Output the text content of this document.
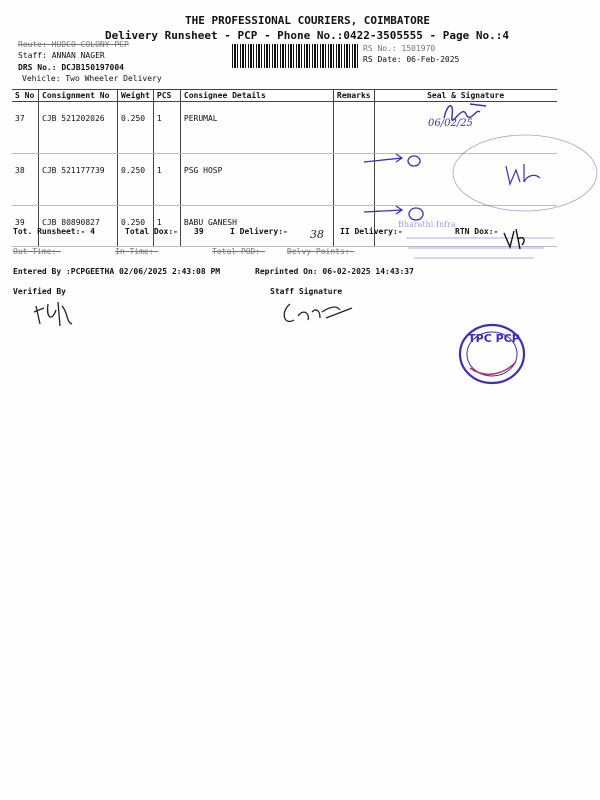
THE PROFESSIONAL COURIERS, COIMBATORE
Delivery Runsheet - PCP - Phone No.:0422-3505555 - Page No.:4
Route: HUDCO COLONY PCP
Staff: ANNAN NAGER
DRS No.: DCJB150197004
Vehicle: Two Wheeler Delivery
RS No.: 1501970
RS Date: 06-Feb-2025
S No	Consignment No	Weight	PCS	Consignee Details	Remarks	Seal & Signature
37	CJB 521202026	0.250	1	PERUMAL		
38	CJB 521177739	0.250	1	PSG HOSP		
39	CJB 80890827	0.250	1	BABU GANESH		
Tot. Runsheet:- 4	Total Dox:- 39	I Delivery:-	II Delivery:-	RTN Dox:-
Out Time:-	In Time:-	Total POD:-	Delvy Points:-
Entered By :PCPGEETHA 02/06/2025 2:43:08 PM	Reprinted On: 06-02-2025 14:43:37
Verified By	Staff Signature
06/02/25
Bharathi Infra
38
TPC PCP
